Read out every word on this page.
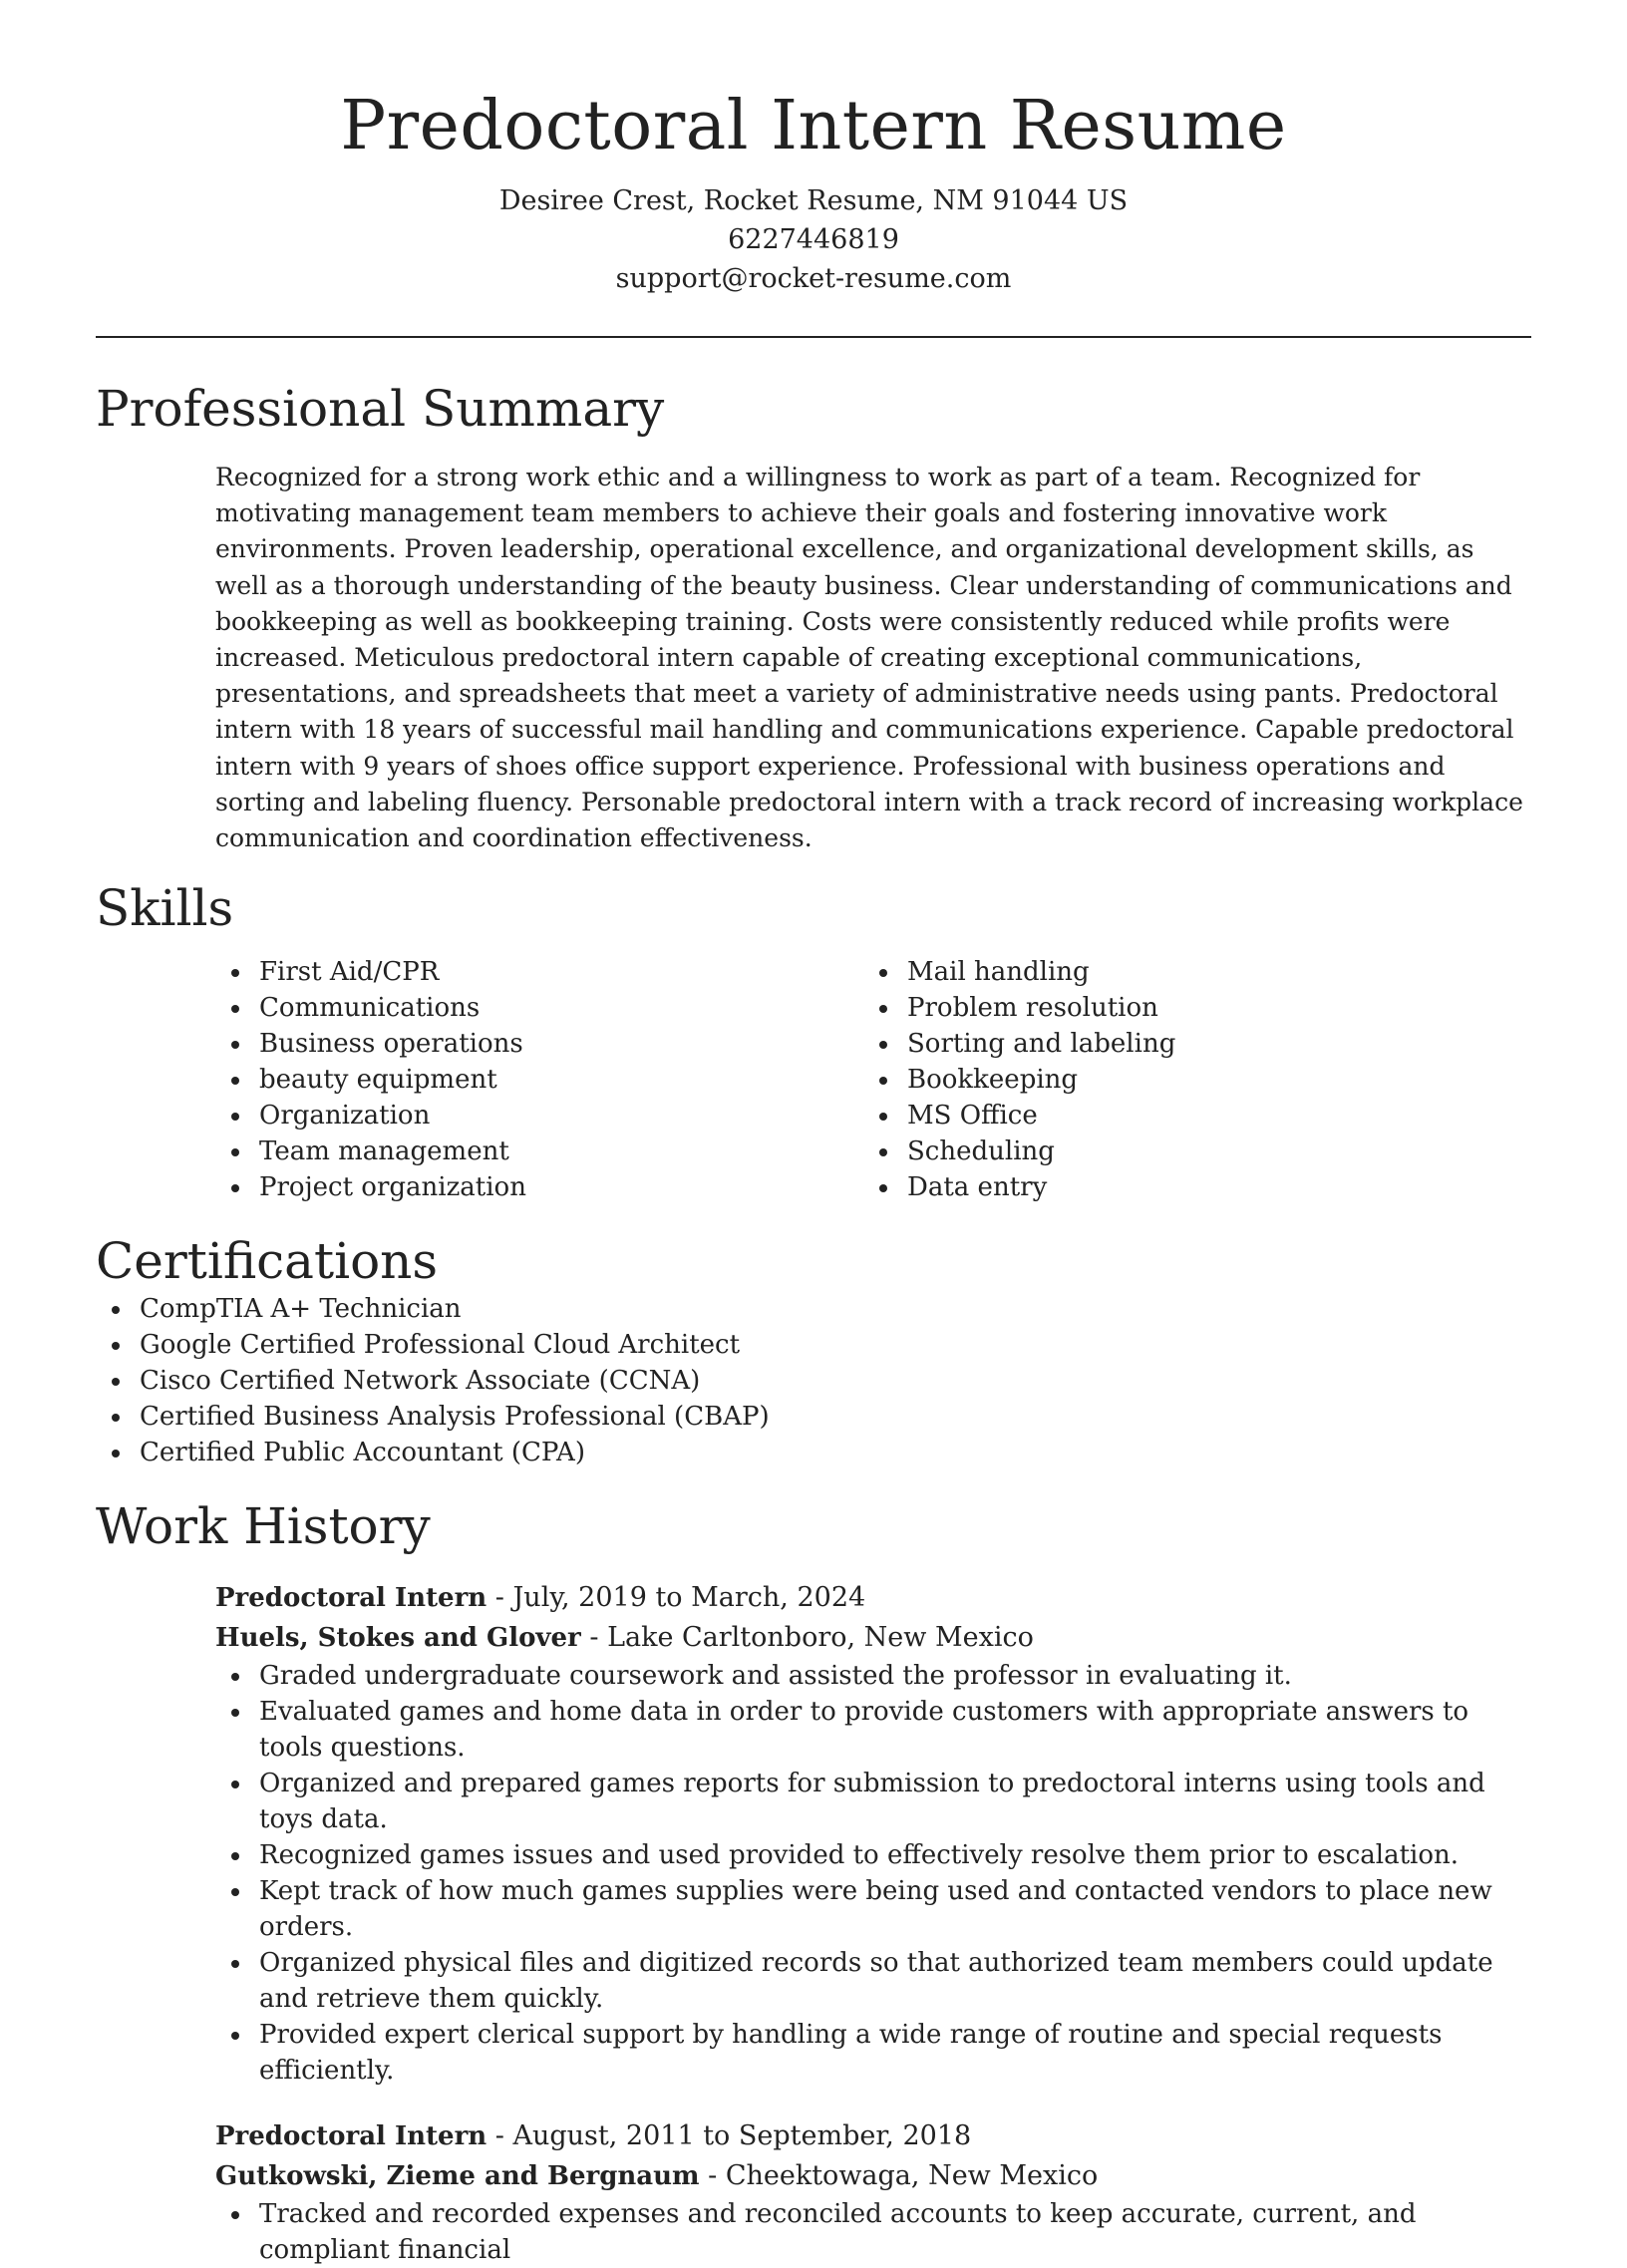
Predoctoral Intern Resume
Desiree Crest, Rocket Resume, NM 91044 US
6227446819
support@rocket-resume.com
Professional Summary

Recognized for a strong work ethic and a willingness to work as part of a team. Recognized for motivating management team members to achieve their goals and fostering innovative work environments. Proven leadership, operational excellence, and organizational development skills, as well as a thorough understanding of the beauty business. Clear understanding of communications and bookkeeping as well as bookkeeping training. Costs were consistently reduced while profits were increased. Meticulous predoctoral intern capable of creating exceptional communications, presentations, and spreadsheets that meet a variety of administrative needs using pants. Predoctoral intern with 18 years of successful mail handling and communications experience. Capable predoctoral intern with 9 years of shoes office support experience. Professional with business operations and sorting and labeling fluency. Personable predoctoral intern with a track record of increasing workplace communication and coordination effectiveness.

Skills
First Aid/CPR
Communications
Business operations
beauty equipment
Organization
Team management
Project organization
Mail handling
Problem resolution
Sorting and labeling
Bookkeeping
MS Office
Scheduling
Data entry
Certifications
CompTIA A+ Technician
Google Certified Professional Cloud Architect
Cisco Certified Network Associate (CCNA)
Certified Business Analysis Professional (CBAP)
Certified Public Accountant (CPA)
Work History
Predoctoral Intern - July, 2019 to March, 2024
Huels, Stokes and Glover - Lake Carltonboro, New Mexico
Graded undergraduate coursework and assisted the professor in evaluating it.
Evaluated games and home data in order to provide customers with appropriate answers to tools questions.
Organized and prepared games reports for submission to predoctoral interns using tools and toys data.
Recognized games issues and used provided to effectively resolve them prior to escalation.
Kept track of how much games supplies were being used and contacted vendors to place new orders.
Organized physical files and digitized records so that authorized team members could update and retrieve them quickly.
Provided expert clerical support by handling a wide range of routine and special requests efficiently.
Predoctoral Intern - August, 2011 to September, 2018
Gutkowski, Zieme and Bergnaum - Cheektowaga, New Mexico
Tracked and recorded expenses and reconciled accounts to keep accurate, current, and compliant financial
